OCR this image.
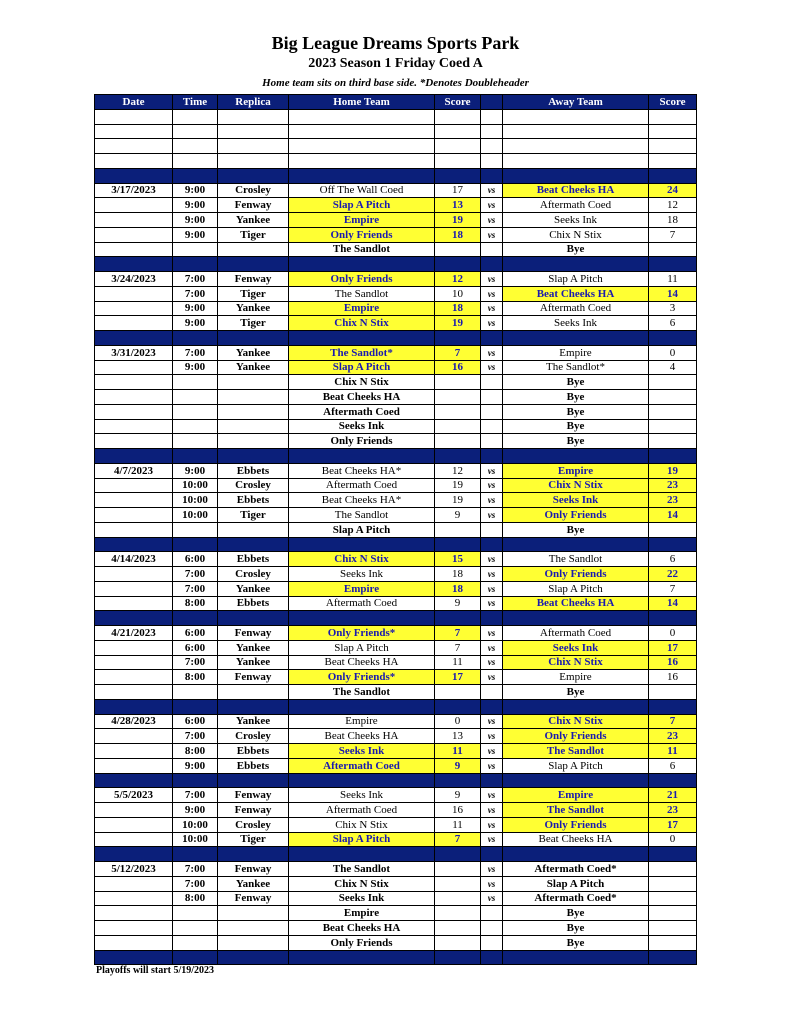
Big League Dreams Sports Park
2023 Season 1 Friday Coed A
Home team sits on third base side. *Denotes Doubleheader
Date	Time	Replica	Home Team	Score		Away Team	Score

3/17/2023	9:00	Crosley	Off The Wall Coed	17	vs	Beat Cheeks HA	24
	9:00	Fenway	Slap A Pitch	13	vs	Aftermath Coed	12
	9:00	Yankee	Empire	19	vs	Seeks Ink	18
	9:00	Tiger	Only Friends	18	vs	Chix N Stix	7
			The Sandlot			Bye	

3/24/2023	7:00	Fenway	Only Friends	12	vs	Slap A Pitch	11
	7:00	Tiger	The Sandlot	10	vs	Beat Cheeks HA	14
	9:00	Yankee	Empire	18	vs	Aftermath Coed	3
	9:00	Tiger	Chix N Stix	19	vs	Seeks Ink	6

3/31/2023	7:00	Yankee	The Sandlot*	7	vs	Empire	0
	9:00	Yankee	Slap A Pitch	16	vs	The Sandlot*	4
			Chix N Stix			Bye	
			Beat Cheeks HA			Bye	
			Aftermath Coed			Bye	
			Seeks Ink			Bye	
			Only Friends			Bye	

4/7/2023	9:00	Ebbets	Beat Cheeks HA*	12	vs	Empire	19
	10:00	Crosley	Aftermath Coed	19	vs	Chix N Stix	23
	10:00	Ebbets	Beat Cheeks HA*	19	vs	Seeks Ink	23
	10:00	Tiger	The Sandlot	9	vs	Only Friends	14
			Slap A Pitch			Bye	

4/14/2023	6:00	Ebbets	Chix N Stix	15	vs	The Sandlot	6
	7:00	Crosley	Seeks Ink	18	vs	Only Friends	22
	7:00	Yankee	Empire	18	vs	Slap A Pitch	7
	8:00	Ebbets	Aftermath Coed	9	vs	Beat Cheeks HA	14

4/21/2023	6:00	Fenway	Only Friends*	7	vs	Aftermath Coed	0
	6:00	Yankee	Slap A Pitch	7	vs	Seeks Ink	17
	7:00	Yankee	Beat Cheeks HA	11	vs	Chix N Stix	16
	8:00	Fenway	Only Friends*	17	vs	Empire	16
			The Sandlot			Bye	

4/28/2023	6:00	Yankee	Empire	0	vs	Chix N Stix	7
	7:00	Crosley	Beat Cheeks HA	13	vs	Only Friends	23
	8:00	Ebbets	Seeks Ink	11	vs	The Sandlot	11
	9:00	Ebbets	Aftermath Coed	9	vs	Slap A Pitch	6

5/5/2023	7:00	Fenway	Seeks Ink	9	vs	Empire	21
	9:00	Fenway	Aftermath Coed	16	vs	The Sandlot	23
	10:00	Crosley	Chix N Stix	11	vs	Only Friends	17
	10:00	Tiger	Slap A Pitch	7	vs	Beat Cheeks HA	0

5/12/2023	7:00	Fenway	The Sandlot		vs	Aftermath Coed*	
	7:00	Yankee	Chix N Stix		vs	Slap A Pitch	
	8:00	Fenway	Seeks Ink		vs	Aftermath Coed*	
			Empire			Bye	
			Beat Cheeks HA			Bye	
			Only Friends			Bye	

Playoffs will start 5/19/2023
